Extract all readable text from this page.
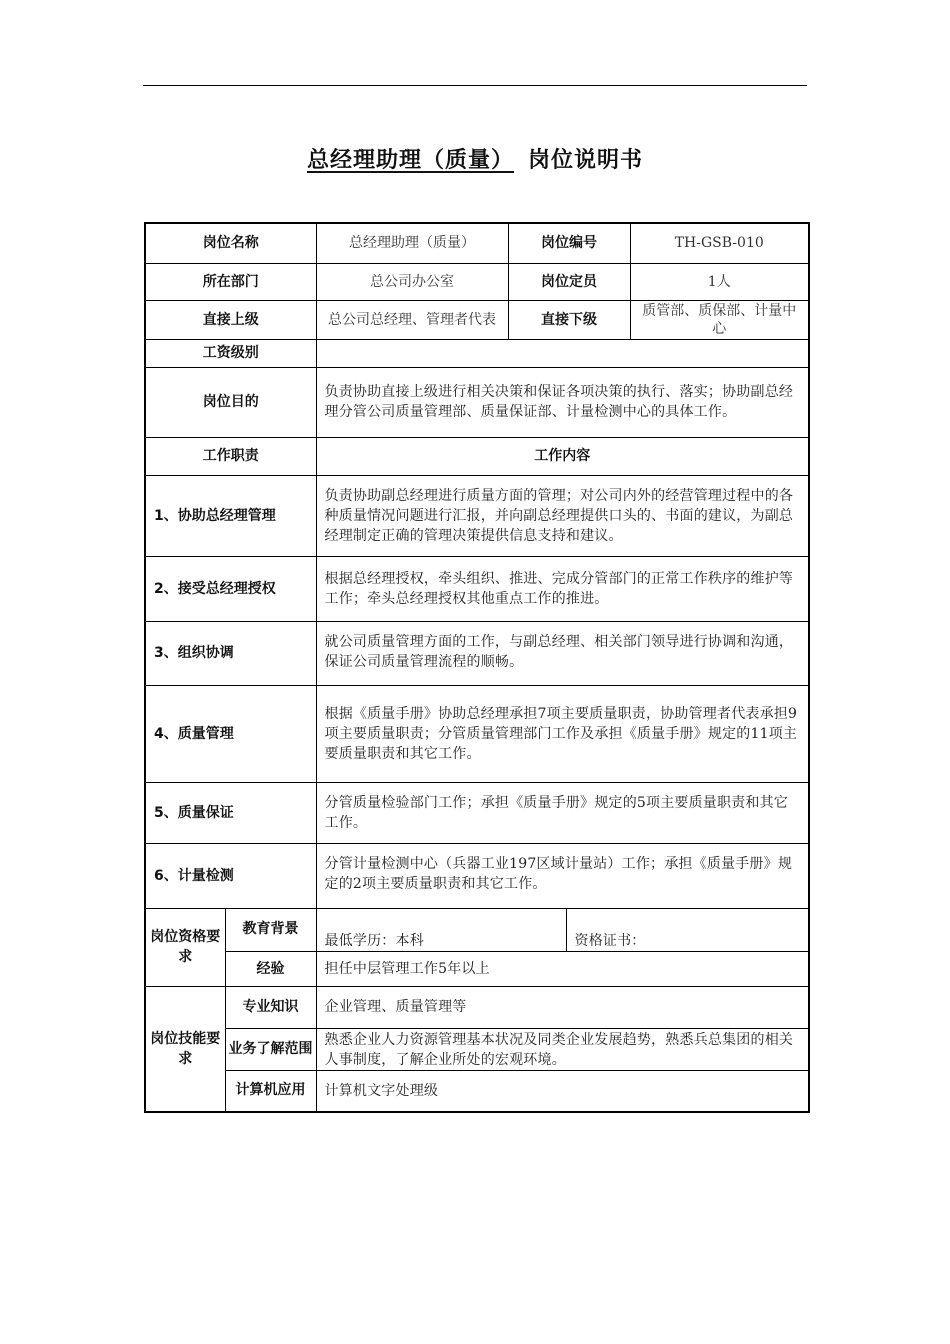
总经理助理（质量） 岗位说明书
岗位名称		总经理助理（质量）	岗位编号		TH-GSB-010
所在部门		总公司办公室	岗位定员		1人
直接上级		总公司总经理、管理者代表	直接下级		质管部、质保部、计量中心
工资级别					
岗位目的		负责协助直接上级进行相关决策和保证各项决策的执行、落实；协助副总经理分管公司质量管理部、质量保证部、计量检测中心的具体工作。			
工作职责		工作内容			
1、协助总经理管理		负责协助副总经理进行质量方面的管理；对公司内外的经营管理过程中的各种质量情况问题进行汇报，并向副总经理提供口头的、书面的建议，为副总经理制定正确的管理决策提供信息支持和建议。			
2、接受总经理授权		根据总经理授权，牵头组织、推进、完成分管部门的正常工作秩序的维护等工作；牵头总经理授权其他重点工作的推进。			
3、组织协调		就公司质量管理方面的工作，与副总经理、相关部门领导进行协调和沟通，保证公司质量管理流程的顺畅。			
4、质量管理		根据《质量手册》协助总经理承担7项主要质量职责，协助管理者代表承担9项主要质量职责；分管质量管理部门工作及承担《质量手册》规定的11项主要质量职责和其它工作。			
5、质量保证		分管质量检验部门工作；承担《质量手册》规定的5项主要质量职责和其它工作。			
6、计量检测		分管计量检测中心（兵器工业197区域计量站）工作；承担《质量手册》规定的2项主要质量职责和其它工作。			
岗位资格要求	教育背景	最低学历：本科		资格证书：	
	经验	担任中层管理工作5年以上			
岗位技能要求	专业知识	企业管理、质量管理等			
	业务了解范围	熟悉企业人力资源管理基本状况及同类企业发展趋势，熟悉兵总集团的相关人事制度，了解企业所处的宏观环境。			
	计算机应用	计算机文字处理级			
